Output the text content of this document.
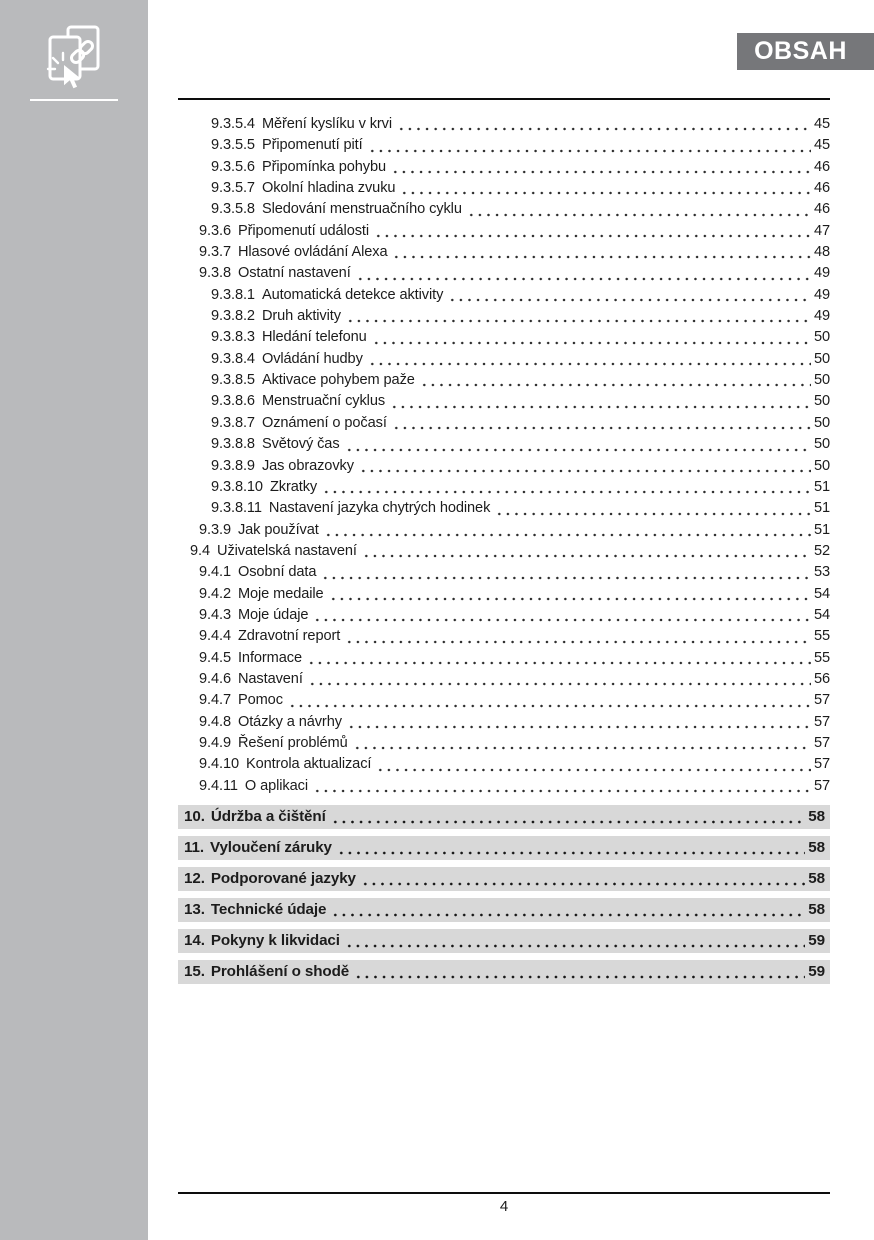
OBSAH
9.3.5.4 Měření kyslíku v krvi	45
9.3.5.5 Připomenutí pití	45
9.3.5.6 Připomínka pohybu	46
9.3.5.7 Okolní hladina zvuku	46
9.3.5.8 Sledování menstruačního cyklu	46
9.3.6 Připomenutí události	47
9.3.7 Hlasové ovládání Alexa	48
9.3.8 Ostatní nastavení	49
9.3.8.1 Automatická detekce aktivity	49
9.3.8.2 Druh aktivity	49
9.3.8.3 Hledání telefonu	50
9.3.8.4 Ovládání hudby	50
9.3.8.5 Aktivace pohybem paže	50
9.3.8.6 Menstruační cyklus	50
9.3.8.7 Oznámení o počasí	50
9.3.8.8 Světový čas	50
9.3.8.9 Jas obrazovky	50
9.3.8.10 Zkratky	51
9.3.8.11 Nastavení jazyka chytrých hodinek	51
9.3.9 Jak používat	51
9.4 Uživatelská nastavení	52
9.4.1 Osobní data	53
9.4.2 Moje medaile	54
9.4.3 Moje údaje	54
9.4.4 Zdravotní report	55
9.4.5 Informace	55
9.4.6 Nastavení	56
9.4.7 Pomoc	57
9.4.8 Otázky a návrhy	57
9.4.9 Řešení problémů	57
9.4.10 Kontrola aktualizací	57
9.4.11 O aplikaci	57
10. Údržba a čištění	58
11. Vyloučení záruky	58
12. Podporované jazyky	58
13. Technické údaje	58
14. Pokyny k likvidaci	59
15. Prohlášení o shodě	59
4
